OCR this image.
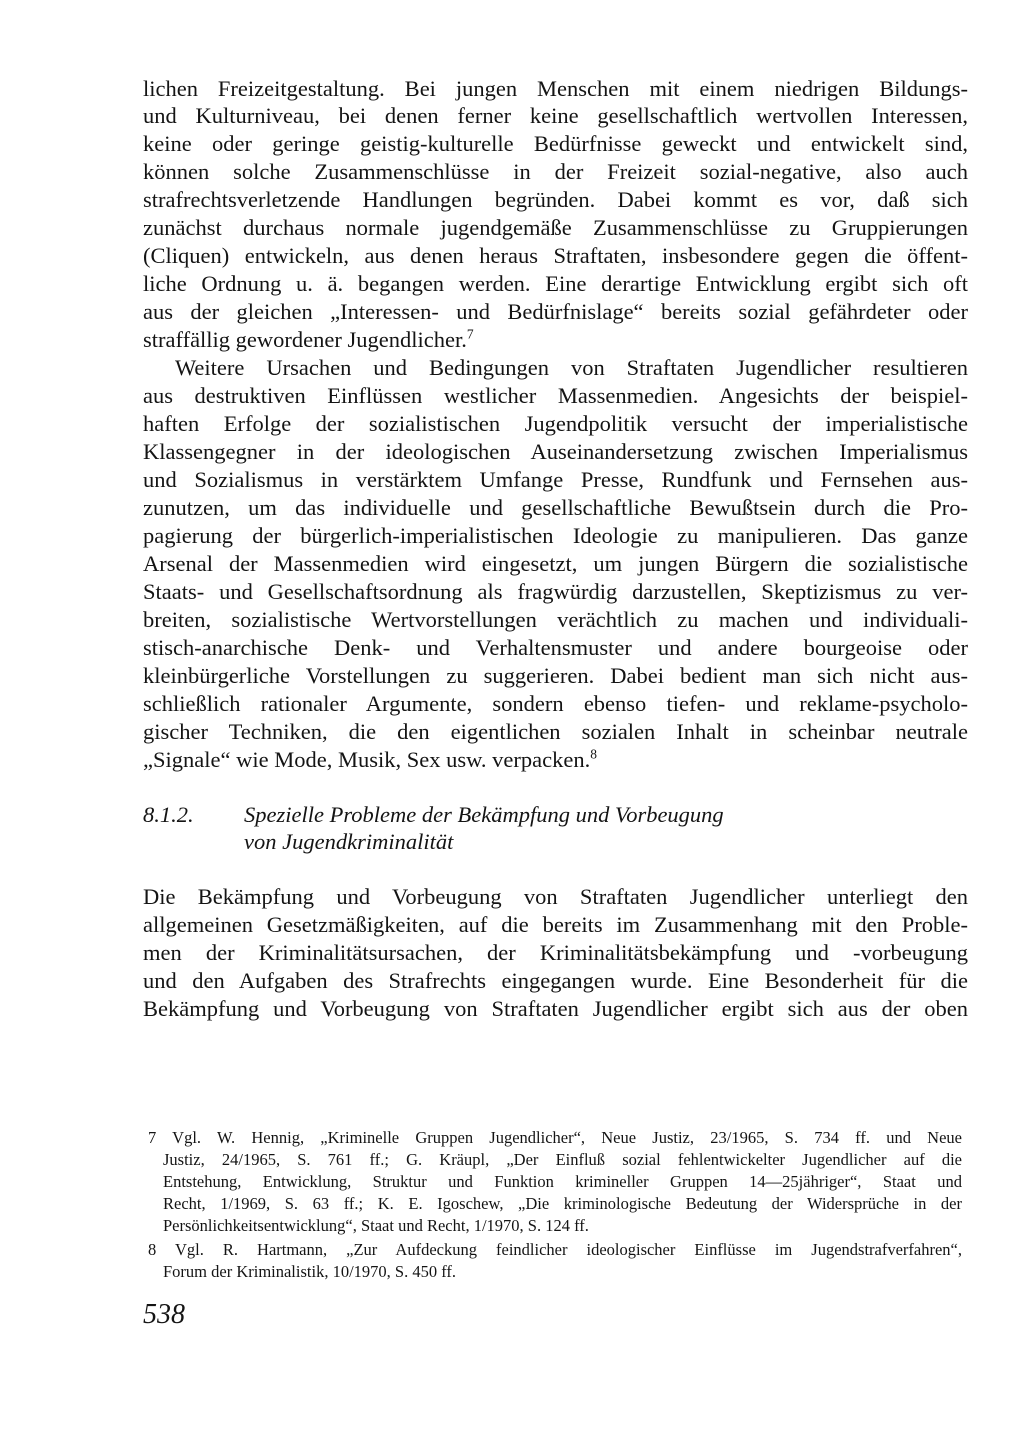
lichen Freizeitgestaltung. Bei jungen Menschen mit einem niedrigen Bildungs-
und Kulturniveau, bei denen ferner keine gesellschaftlich wertvollen Interessen,
keine oder geringe geistig-kulturelle Bedürfnisse geweckt und entwickelt sind,
können solche Zusammenschlüsse in der Freizeit sozial-negative, also auch
strafrechtsverletzende Handlungen begründen. Dabei kommt es vor, daß sich
zunächst durchaus normale jugendgemäße Zusammenschlüsse zu Gruppierungen
(Cliquen) entwickeln, aus denen heraus Straftaten, insbesondere gegen die öffent-
liche Ordnung u. ä. begangen werden. Eine derartige Entwicklung ergibt sich oft
aus der gleichen „Interessen- und Bedürfnislage“ bereits sozial gefährdeter oder
straffällig gewordener Jugendlicher.$^7$
Weitere Ursachen und Bedingungen von Straftaten Jugendlicher resultieren
aus destruktiven Einflüssen westlicher Massenmedien. Angesichts der beispiel-
haften Erfolge der sozialistischen Jugendpolitik versucht der imperialistische
Klassengegner in der ideologischen Auseinandersetzung zwischen Imperialismus
und Sozialismus in verstärktem Umfange Presse, Rundfunk und Fernsehen aus-
zunutzen, um das individuelle und gesellschaftliche Bewußtsein durch die Pro-
pagierung der bürgerlich-imperialistischen Ideologie zu manipulieren. Das ganze
Arsenal der Massenmedien wird eingesetzt, um jungen Bürgern die sozialistische
Staats- und Gesellschaftsordnung als fragwürdig darzustellen, Skeptizismus zu ver-
breiten, sozialistische Wertvorstellungen verächtlich zu machen und individuali-
stisch-anarchische Denk- und Verhaltensmuster und andere bourgeoise oder
kleinbürgerliche Vorstellungen zu suggerieren. Dabei bedient man sich nicht aus-
schließlich rationaler Argumente, sondern ebenso tiefen- und reklame-psycholo-
gischer Techniken, die den eigentlichen sozialen Inhalt in scheinbar neutrale
„Signale“ wie Mode, Musik, Sex usw. verpacken.$^8$
8.1.2. Spezielle Probleme der Bekämpfung und Vorbeugung
von Jugendkriminalität
Die Bekämpfung und Vorbeugung von Straftaten Jugendlicher unterliegt den
allgemeinen Gesetzmäßigkeiten, auf die bereits im Zusammenhang mit den Proble-
men der Kriminalitätsursachen, der Kriminalitätsbekämpfung und -vorbeugung
und den Aufgaben des Strafrechts eingegangen wurde. Eine Besonderheit für die
Bekämpfung und Vorbeugung von Straftaten Jugendlicher ergibt sich aus der oben
7 Vgl. W. Hennig, „Kriminelle Gruppen Jugendlicher“, Neue Justiz, 23/1965, S. 734 ff. und Neue
Justiz, 24/1965, S. 761 ff.; G. Kräupl, „Der Einfluß sozial fehlentwickelter Jugendlicher auf die
Entstehung, Entwicklung, Struktur und Funktion krimineller Gruppen 14—25jähriger“, Staat und
Recht, 1/1969, S. 63 ff.; K. E. Igoschew, „Die kriminologische Bedeutung der Widersprüche in der
Persönlichkeitsentwicklung“, Staat und Recht, 1/1970, S. 124 ff.
8 Vgl. R. Hartmann, „Zur Aufdeckung feindlicher ideologischer Einflüsse im Jugendstrafverfahren“,
Forum der Kriminalistik, 10/1970, S. 450 ff.
538
